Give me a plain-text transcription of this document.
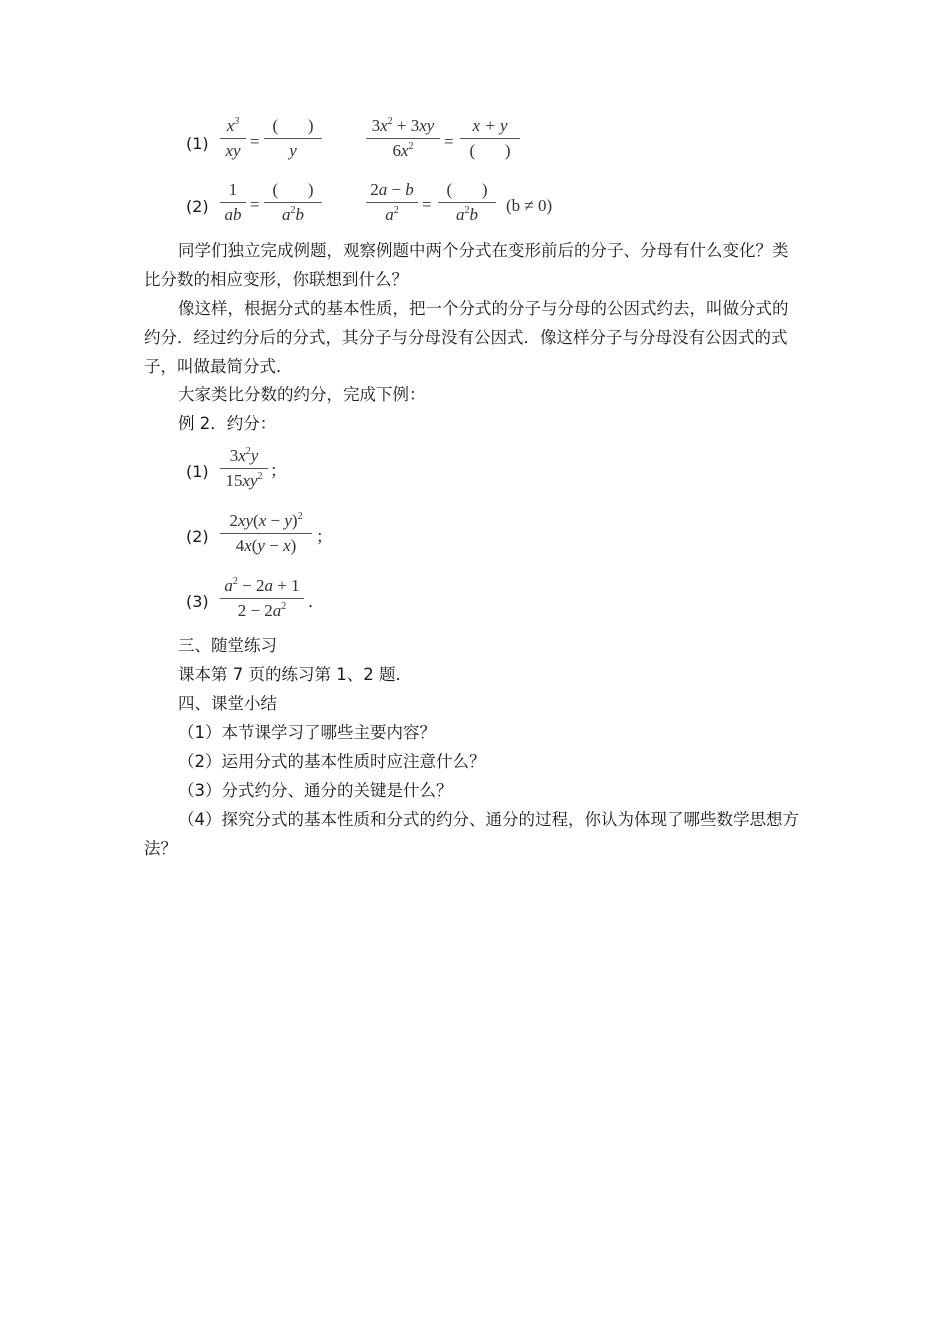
(1)
$x^3$
xy =
(       )
y
$3x^2 + 3xy$
$6x^2$	=
x + y
(       )
(2)
1
ab
=
(       )
$a^2b$
2a − b
$a^2$	=
(       )
$a^2b$	(b ≠ 0)
同学们独立完成例题，观察例题中两个分式在变形前后的分子、分母有什么变化？类
比分数的相应变形，你联想到什么？
像这样，根据分式的基本性质，把一个分式的分子与分母的公因式约去，叫做分式的
约分．经过约分后的分式，其分子与分母没有公因式．像这样分子与分母没有公因式的式
子，叫做最简分式．
大家类比分数的约分，完成下例：
例 2．约分：
(1)
$3x^2y$
$15xy^2$ ；
(2)
$2xy(x - y)^2$
4x(y − x)	；
(3)
$a^2 - 2a + 1$
$2 - 2a^2$	．
三、随堂练习
课本第 7 页的练习第 1、2 题．
四、课堂小结
（1）本节课学习了哪些主要内容？
（2）运用分式的基本性质时应注意什么？
（3）分式约分、通分的关键是什么？
（4）探究分式的基本性质和分式的约分、通分的过程，你认为体现了哪些数学思想方
法？
